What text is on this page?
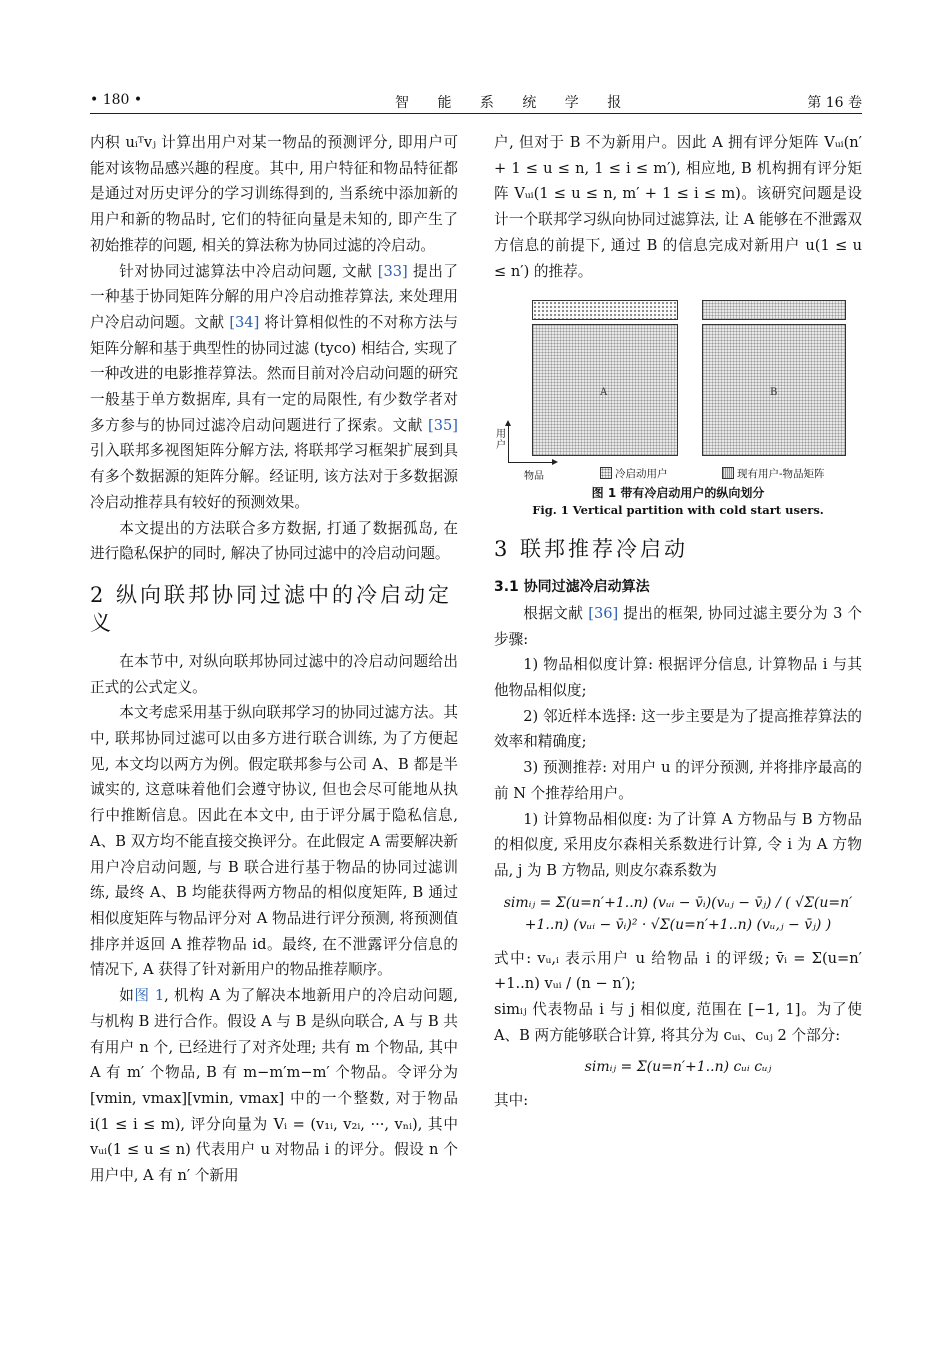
• 180 •	智 能 系 统 学 报	第 16 卷

内积 uᵢᵀvⱼ 计算出用户对某一物品的预测评分, 即用户可能对该物品感兴趣的程度。其中, 用户特征和物品特征都是通过对历史评分的学习训练得到的, 当系统中添加新的用户和新的物品时, 它们的特征向量是未知的, 即产生了初始推荐的问题, 相关的算法称为协同过滤的冷启动。

针对协同过滤算法中冷启动问题, 文献 [33] 提出了一种基于协同矩阵分解的用户冷启动推荐算法, 来处理用户冷启动问题。文献 [34] 将计算相似性的不对称方法与矩阵分解和基于典型性的协同过滤 (tyco) 相结合, 实现了一种改进的电影推荐算法。然而目前对冷启动问题的研究一般基于单方数据库, 具有一定的局限性, 有少数学者对多方参与的协同过滤冷启动问题进行了探索。文献 [35] 引入联邦多视图矩阵分解方法, 将联邦学习框架扩展到具有多个数据源的矩阵分解。经证明, 该方法对于多数据源冷启动推荐具有较好的预测效果。

本文提出的方法联合多方数据, 打通了数据孤岛, 在进行隐私保护的同时, 解决了协同过滤中的冷启动问题。

2 纵向联邦协同过滤中的冷启动定义

在本节中, 对纵向联邦协同过滤中的冷启动问题给出正式的公式定义。

本文考虑采用基于纵向联邦学习的协同过滤方法。其中, 联邦协同过滤可以由多方进行联合训练, 为了方便起见, 本文均以两方为例。假定联邦参与公司 A、B 都是半诚实的, 这意味着他们会遵守协议, 但也会尽可能地从执行中推断信息。因此在本文中, 由于评分属于隐私信息, A、B 双方均不能直接交换评分。在此假定 A 需要解决新用户冷启动问题, 与 B 联合进行基于物品的协同过滤训练, 最终 A、B 均能获得两方物品的相似度矩阵, B 通过相似度矩阵与物品评分对 A 物品进行评分预测, 将预测值排序并返回 A 推荐物品 id。最终, 在不泄露评分信息的情况下, A 获得了针对新用户的物品推荐顺序。

如图 1, 机构 A 为了解决本地新用户的冷启动问题, 与机构 B 进行合作。假设 A 与 B 是纵向联合, A 与 B 共有用户 n 个, 已经进行了对齐处理; 共有 m 个物品, 其中 A 有 m′ 个物品, B 有 m−m′m−m′ 个物品。令评分为 [vmin, vmax][vmin, vmax] 中的一个整数, 对于物品 i(1 ≤ i ≤ m), 评分向量为 Vᵢ = (v₁ᵢ, v₂ᵢ, ···, vₙᵢ), 其中 vᵤᵢ(1 ≤ u ≤ n) 代表用户 u 对物品 i 的评分。假设 n 个用户中, A 有 n′ 个新用

户, 但对于 B 不为新用户。因此 A 拥有评分矩阵 Vᵤᵢ(n′ + 1 ≤ u ≤ n, 1 ≤ i ≤ m′), 相应地, B 机构拥有评分矩阵 Vᵤᵢ(1 ≤ u ≤ n, m′ + 1 ≤ i ≤ m)。该研究问题是设计一个联邦学习纵向协同过滤算法, 让 A 能够在不泄露双方信息的前提下, 通过 B 的信息完成对新用户 u(1 ≤ u ≤ n′) 的推荐。

A	B
用户
物品	冷启动用户	现有用户-物品矩阵
图 1 带有冷启动用户的纵向划分
Fig. 1 Vertical partition with cold start users.
3 联邦推荐冷启动
3.1 协同过滤冷启动算法

根据文献 [36] 提出的框架, 协同过滤主要分为 3 个步骤:

1) 物品相似度计算: 根据评分信息, 计算物品 i 与其他物品相似度;

2) 邻近样本选择: 这一步主要是为了提高推荐算法的效率和精确度;

3) 预测推荐: 对用户 u 的评分预测, 并将排序最高的前 N 个推荐给用户。

1) 计算物品相似度: 为了计算 A 方物品与 B 方物品的相似度, 采用皮尔森相关系数进行计算, 令 i 为 A 方物品, j 为 B 方物品, 则皮尔森系数为

simᵢⱼ = Σ(u=n′+1..n) (vᵤᵢ − v̄ᵢ)(vᵤⱼ − v̄ⱼ) / ( √Σ(u=n′+1..n) (vᵤᵢ − v̄ᵢ)² · √Σ(u=n′+1..n) (vᵤ,ⱼ − v̄ⱼ) )

式中: vᵤ,ᵢ 表示用户 u 给物品 i 的评级; v̄ᵢ = Σ(u=n′+1..n) vᵤᵢ / (n − n′);

simᵢⱼ 代表物品 i 与 j 相似度, 范围在 [−1, 1]。为了使 A、B 两方能够联合计算, 将其分为 cᵤᵢ、cᵤⱼ 2 个部分:

simᵢⱼ = Σ(u=n′+1..n) cᵤᵢ cᵤⱼ

其中:
